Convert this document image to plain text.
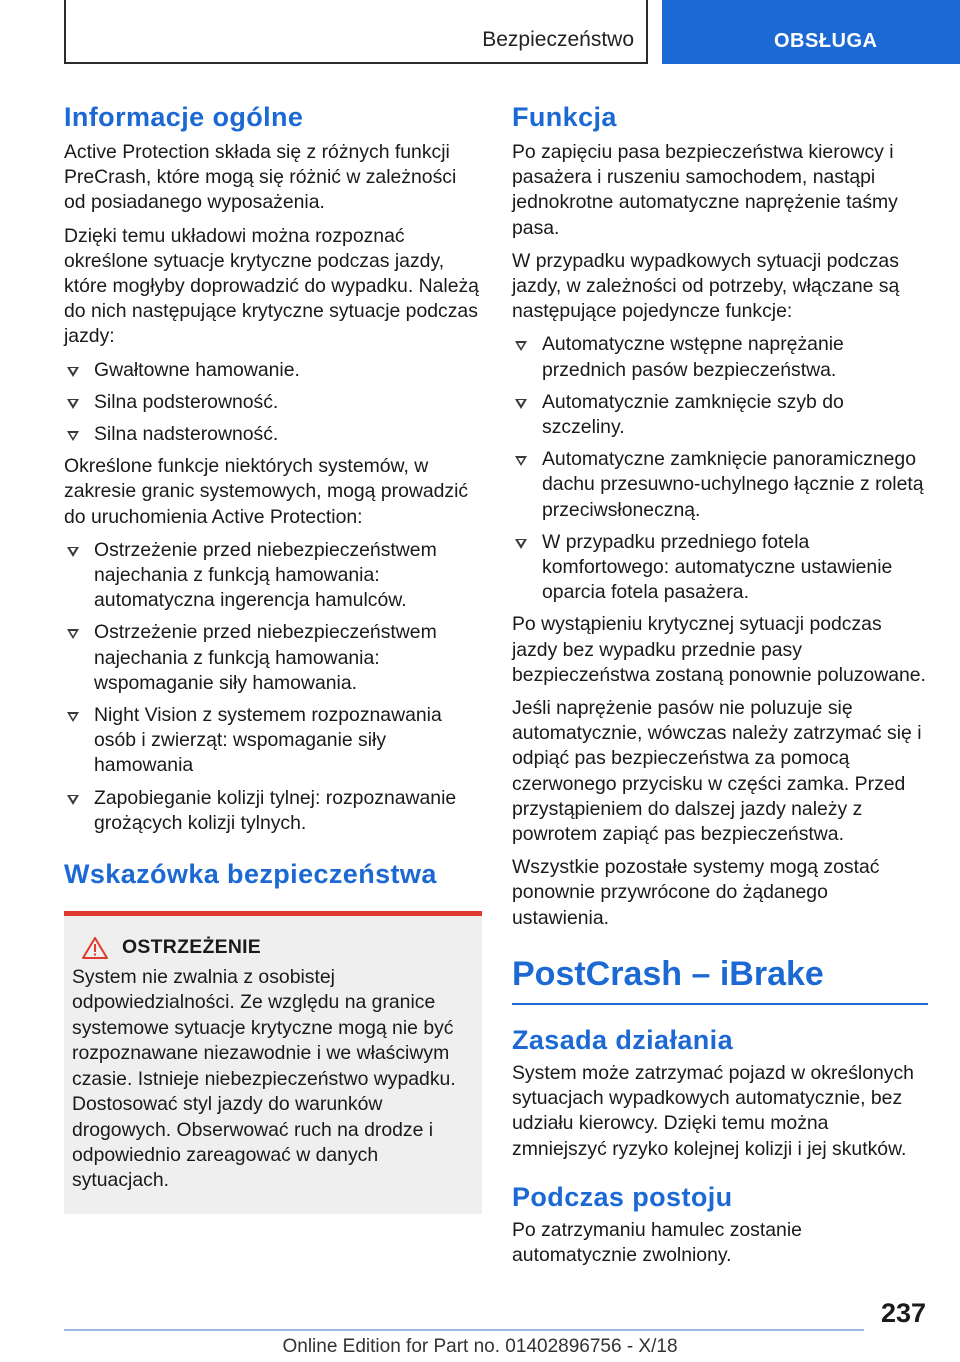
Bezpieczeństwo	OBSŁUGA
Informacje ogólne

Active Protection składa się z różnych funkcji PreCrash, które mogą się różnić w zależności od posiadanego wyposażenia.

Dzięki temu układowi można rozpoznać określone sytuacje krytyczne podczas jazdy, które mogłyby doprowadzić do wypadku. Należą do nich następujące krytyczne sytuacje podczas jazdy:

Gwałtowne hamowanie.
Silna podsterowność.
Silna nadsterowność.

Określone funkcje niektórych systemów, w zakresie granic systemowych, mogą prowadzić do uruchomienia Active Protection:

Ostrzeżenie przed niebezpieczeństwem najechania z funkcją hamowania: automatyczna ingerencja hamulców.
Ostrzeżenie przed niebezpieczeństwem najechania z funkcją hamowania: wspomaganie siły hamowania.
Night Vision z systemem rozpoznawania osób i zwierząt: wspomaganie siły hamowania
Zapobieganie kolizji tylnej: rozpoznawanie grożących kolizji tylnych.
Wskazówka bezpieczeństwa
OSTRZEŻENIE

System nie zwalnia z osobistej odpowiedzialności. Ze względu na granice systemowe sytuacje krytyczne mogą nie być rozpoznawane niezawodnie i we właściwym czasie. Istnieje niebezpieczeństwo wypadku. Dostosować styl jazdy do warunków drogowych. Obserwować ruch na drodze i odpowiednio zareagować w danych sytuacjach.

Funkcja

Po zapięciu pasa bezpieczeństwa kierowcy i pasażera i ruszeniu samochodem, nastąpi jednokrotne automatyczne naprężenie taśmy pasa.

W przypadku wypadkowych sytuacji podczas jazdy, w zależności od potrzeby, włączane są następujące pojedyncze funkcje:

Automatyczne wstępne naprężanie przednich pasów bezpieczeństwa.
Automatycznie zamknięcie szyb do szczeliny.
Automatyczne zamknięcie panoramicznego dachu przesuwno-uchylnego łącznie z roletą przeciwsłoneczną.
W przypadku przedniego fotela komfortowego: automatyczne ustawienie oparcia fotela pasażera.

Po wystąpieniu krytycznej sytuacji podczas jazdy bez wypadku przednie pasy bezpieczeństwa zostaną ponownie poluzowane.

Jeśli naprężenie pasów nie poluzuje się automatycznie, wówczas należy zatrzymać się i odpiąć pas bezpieczeństwa za pomocą czerwonego przycisku w części zamka. Przed przystąpieniem do dalszej jazdy należy z powrotem zapiąć pas bezpieczeństwa.

Wszystkie pozostałe systemy mogą zostać ponownie przywrócone do żądanego ustawienia.

PostCrash – iBrake
Zasada działania

System może zatrzymać pojazd w określonych sytuacjach wypadkowych automatycznie, bez udziału kierowcy. Dzięki temu można zmniejszyć ryzyko kolejnej kolizji i jej skutków.

Podczas postoju

Po zatrzymaniu hamulec zostanie automatycznie zwolniony.

237
Online Edition for Part no. 01402896756 - X/18
